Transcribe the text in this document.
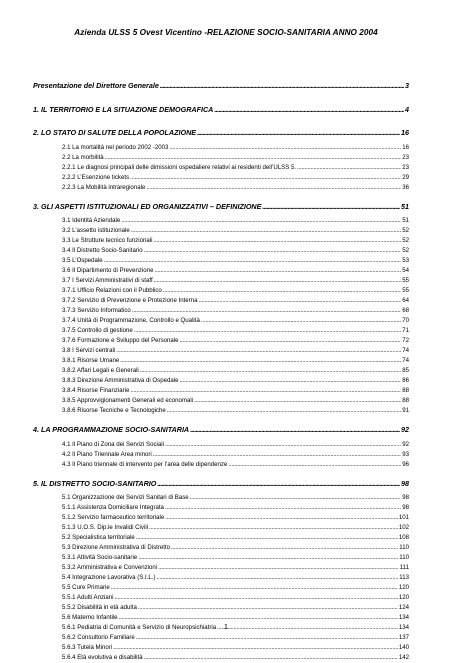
Azienda ULSS 5 Ovest Vicentino -RELAZIONE SOCIO-SANITARIA ANNO 2004
Presentazione del Direttore Generale .....	3
1. IL TERRITORIO E LA SITUAZIONE DEMOGRAFICA .....	4
2. LO STATO DI SALUTE DELLA POPOLAZIONE .....	16
2.1 La mortalità nel periodo 2002 -2003 .....	16
2.2 La morbilità .....	23
2.2.1 Le diagnosi principali delle dimissioni ospedaliere relativi ai residenti dell’ULSS 5. .....	23
2.2.2 L’Esenzione tickets .....	29
2.2.3 La Mobilità intraregionale .....	36
3. GLI ASPETTI ISTITUZIONALI ED ORGANIZZATIVI – DEFINIZIONE .....	51
3.1 Identità Aziendale .....	51
3.2 L’assetto istituzionale .....	52
3.3 Le Strutture tecnico funzionali .....	52
3.4 Il Distretto Socio-Sanitario .....	52
3.5 L’Ospedale .....	53
3.6 Il Dipartimento di Prevenzione .....	54
3.7 I Servizi Amministrativi di staff .....	55
3.7.1 Ufficio Relazioni con il Pubblico .....	55
3.7.2 Servizio di Prevenzione e Protezione Interna .....	64
3.7.3 Servizio Informatico .....	68
3.7.4 Unità di Programmazione, Controllo e Qualità .....	70
3.7.5 Controllo di gestione .....	71
3.7.6 Formazione e Sviluppo del Personale .....	72
3.8 I Servizi centrali .....	74
3.8.1 Risorse Umane .....	74
3.8.2 Affari Legali e Generali .....	85
3.8.3 Direzione Amministrativa di Ospedale .....	86
3.8.4 Risorse Finanziarie .....	88
3.8.5 Approvvigionamenti Generali ed economali .....	88
3.8.6 Risorse Tecniche e Tecnologiche .....	91
4. LA PROGRAMMAZIONE SOCIO-SANITARIA .....	92
4.1 Il Piano di Zona dei Servizi Sociali .....	92
4.2 Il Piano Triennale Area minori .....	93
4.3 Il Piano triennale di intervento per l’area delle dipendenze .....	96
5. IL DISTRETTO SOCIO-SANITARIO .....	98
5.1 Organizzazione dei Servizi Sanitari di Base .....	98
5.1.1 Assistenza Domiciliare Integrata .....	98
5.1.2 Servizio farmaceutico territoriale .....	101
5.1.3 U.O.S. Dip.le Invalidi Civili .....	102
5.2 Specialistica territoriale .....	108
5.3 Direzione Amministrativa di Distretto .....	110
5.3.1 Attività Socio-sanitarie .....	110
5.3.2 Amministrativa e Convenzioni .....	111
5.4 Integrazione Lavorativa (S.I.L.) .....	113
5.5 Cure Primarie .....	120
5.5.1 Adulti Anziani .....	120
5.5.2 Disabilità in età adulta .....	124
5.6 Materno Infantile .....	134
5.6.1 Pediatria di Comunità e Servizio di Neuropsichiatria .....	134
5.6.2 Consultorio Familiare .....	137
5.6.3 Tutela Minori .....	140
5.6.4 Età evolutiva e disabilità .....	142
1
